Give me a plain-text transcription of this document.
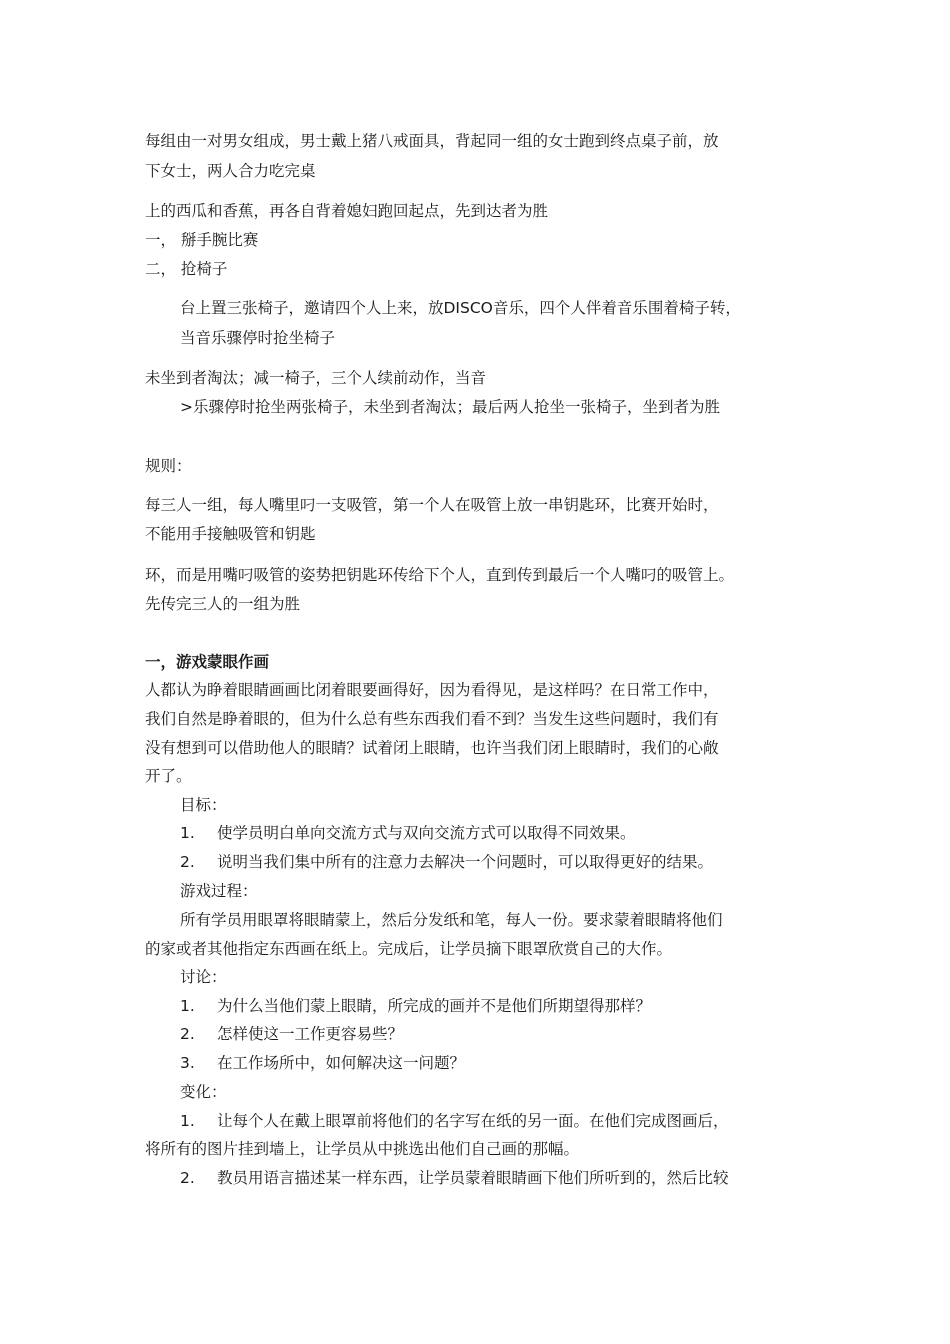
每组由一对男女组成，男士戴上猪八戒面具，背起同一组的女士跑到终点桌子前，放

下女士，两人合力吃完桌

上的西瓜和香蕉，再各自背着媳妇跑回起点，先到达者为胜

一， 掰手腕比赛

二， 抢椅子

台上置三张椅子，邀请四个人上来，放DISCO音乐，四个人伴着音乐围着椅子转，

当音乐骤停时抢坐椅子

未坐到者淘汰；减一椅子，三个人续前动作，当音

>乐骤停时抢坐两张椅子，未坐到者淘汰；最后两人抢坐一张椅子，坐到者为胜

规则：

每三人一组，每人嘴里叼一支吸管，第一个人在吸管上放一串钥匙环，比赛开始时，

不能用手接触吸管和钥匙

环，而是用嘴叼吸管的姿势把钥匙环传给下个人，直到传到最后一个人嘴叼的吸管上。

先传完三人的一组为胜

一，游戏蒙眼作画

人都认为睁着眼睛画画比闭着眼要画得好，因为看得见，是这样吗？在日常工作中，

我们自然是睁着眼的，但为什么总有些东西我们看不到？当发生这些问题时，我们有

没有想到可以借助他人的眼睛？试着闭上眼睛，也许当我们闭上眼睛时，我们的心敞

开了。

目标：

1. 使学员明白单向交流方式与双向交流方式可以取得不同效果。

2. 说明当我们集中所有的注意力去解决一个问题时，可以取得更好的结果。

游戏过程：

所有学员用眼罩将眼睛蒙上，然后分发纸和笔，每人一份。要求蒙着眼睛将他们

的家或者其他指定东西画在纸上。完成后，让学员摘下眼罩欣赏自己的大作。

讨论：

1. 为什么当他们蒙上眼睛，所完成的画并不是他们所期望得那样？

2. 怎样使这一工作更容易些？

3. 在工作场所中，如何解决这一问题？

变化：

1. 让每个人在戴上眼罩前将他们的名字写在纸的另一面。在他们完成图画后，

将所有的图片挂到墙上，让学员从中挑选出他们自己画的那幅。

2. 教员用语言描述某一样东西，让学员蒙着眼睛画下他们所听到的，然后比较
